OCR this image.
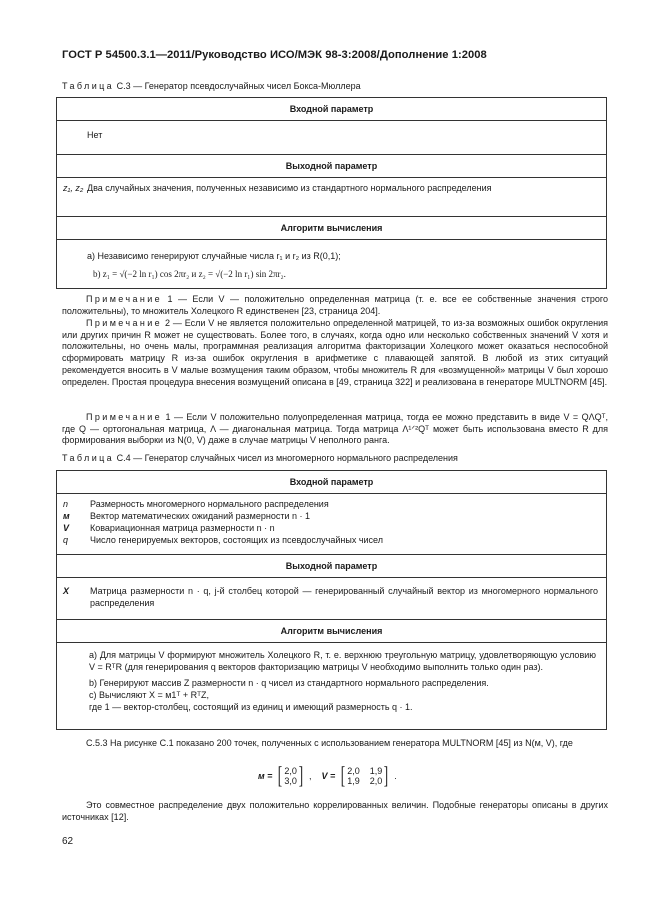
ГОСТ Р 54500.3.1—2011/Руководство ИСО/МЭК 98-3:2008/Дополнение 1:2008
Таблица С.3 — Генератор псевдослучайных чисел Бокса-Мюллера
Входной параметр
Нет
Выходной параметр

z₁, z₂ Два случайных значения, полученных независимо из стандартного нормального распределения

Алгоритм вычисления

а) Независимо генерируют случайные числа r₁ и r₂ из R(0,1);
b) z₁ = √(−2 ln r₁) cos 2πr₂ и z₂ = √(−2 ln r₁) sin 2πr₂.
Примечание 1 — Если V — положительно определенная матрица (т. е. все ее собственные значения строго положительны), то множитель Холецкого R единственен [23, страница 204].
Примечание 2 — Если V не является положительно определенной матрицей, то из-за возможных ошибок округления или других причин R может не существовать. Более того, в случаях, когда одно или несколько собственных значений V хотя и положительны, но очень малы, программная реализация алгоритма факторизации Холецкого может оказаться неспособной сформировать матрицу R из-за ошибок округления в арифметике с плавающей запятой. В любой из этих ситуаций рекомендуется вносить в V малые возмущения таким образом, чтобы множитель R для «возмущенной» матрицы V был хорошо определен. Простая процедура внесения возмущений описана в [49, страница 322] и реализована в генераторе MULTNORM [45].
Примечание 1 — Если V положительно полуопределенная матрица, тогда ее можно представить в виде V = QΛQᵀ, где Q — ортогональная матрица, Λ — диагональная матрица. Тогда матрица Λ¹ᐟ²Qᵀ может быть использована вместо R для формирования выборки из N(0, V) даже в случае матрицы V неполного ранга.
Таблица С.4 — Генератор случайных чисел из многомерного нормального распределения
Входной параметр

n	Размерность многомерного нормального распределения
м	Вектор математических ожиданий размерности n · 1
V	Ковариационная матрица размерности n · n
q	Число генерируемых векторов, состоящих из псевдослучайных чисел

Выходной параметр

X	Матрица размерности n · q, j-й столбец которой — генерированный случайный вектор из многомерного нормального распределения

Алгоритм вычисления

а) Для матрицы V формируют множитель Холецкого R, т. е. верхнюю треугольную матрицу, удовлетворяющую условию V = RᵀR (для генерирования q векторов факторизацию матрицы V необходимо выполнить только один раз).
b) Генерируют массив Z размерности n · q чисел из стандартного нормального распределения.
с) Вычисляют X = м1ᵀ + RᵀZ,
где 1 — вектор-столбец, состоящий из единиц и имеющий размерность q · 1.
С.5.3 На рисунке С.1 показано 200 точек, полученных с использованием генератора MULTNORM [45] из N(м, V), где
м = [ 2,0
3,0 ] , V = [ 2,0 1,9
1,9 2,0 ] .
Это совместное распределение двух положительно коррелированных величин. Подобные генераторы описаны в других источниках [12].
62
